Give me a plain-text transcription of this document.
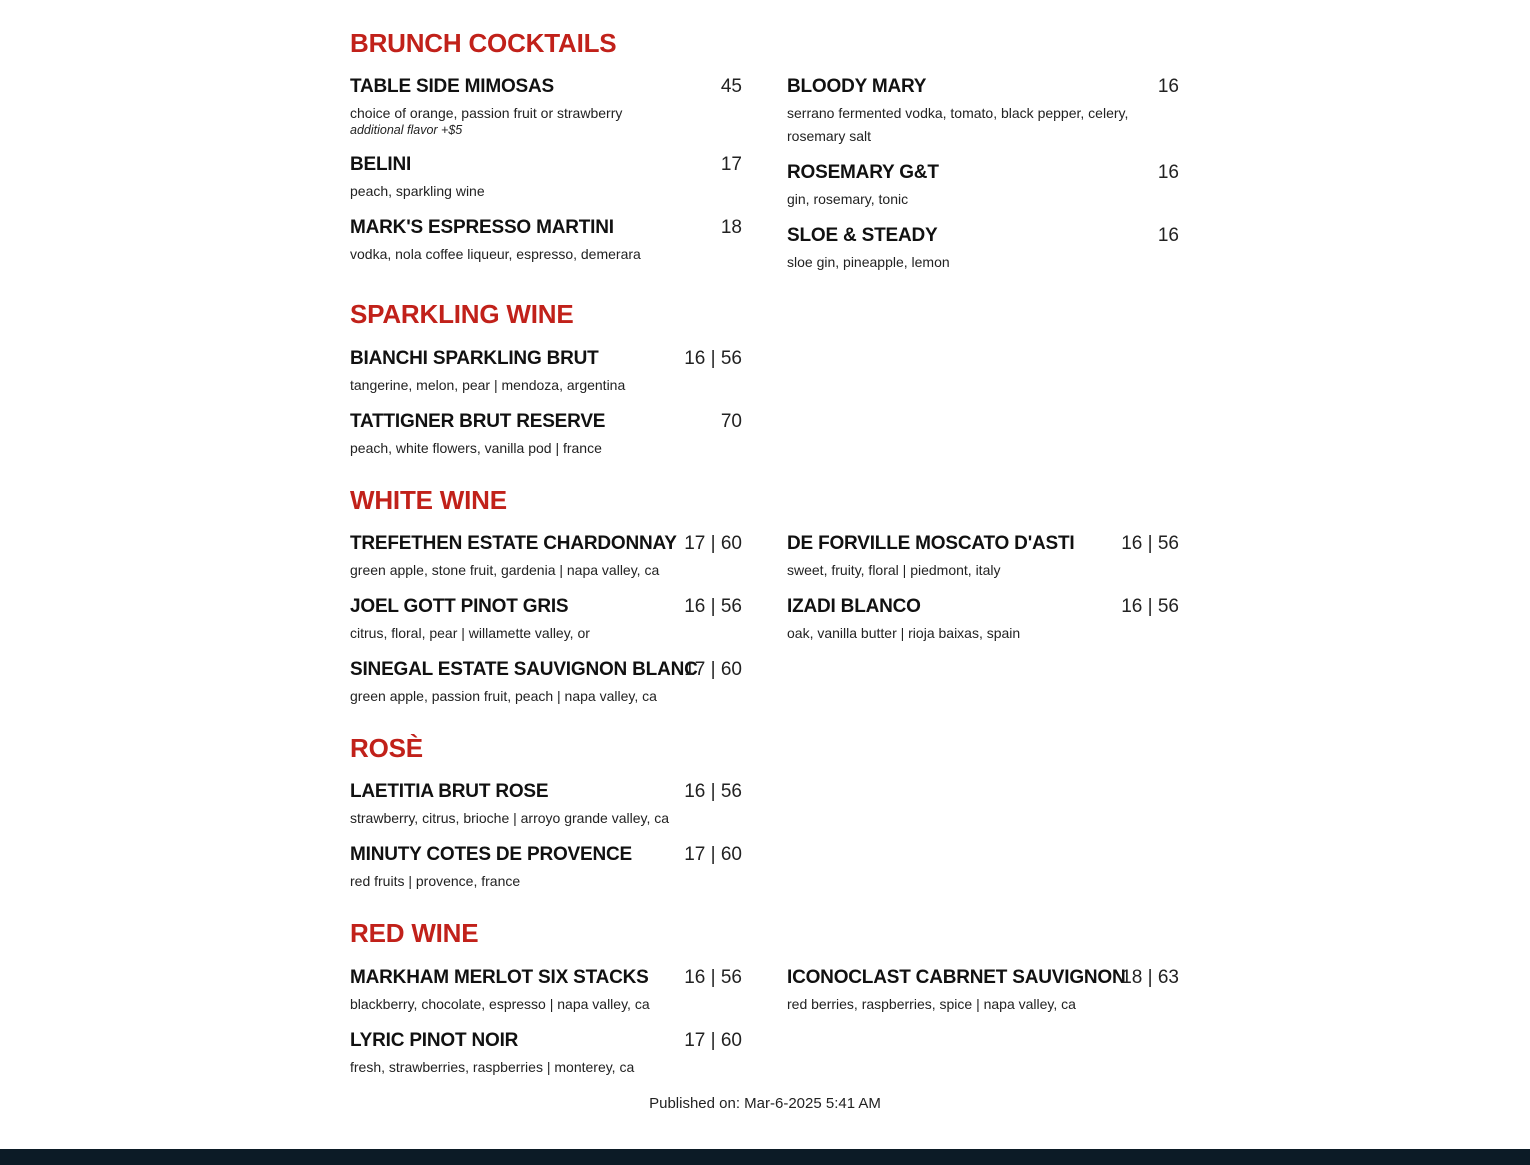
BRUNCH COCKTAILS
TABLE SIDE MIMOSAS	45
choice of orange, passion fruit or strawberry
additional flavor +$5
BELINI	17
peach, sparkling wine
MARK'S ESPRESSO MARTINI	18
vodka, nola coffee liqueur, espresso, demerara
BLOODY MARY	16
serrano fermented vodka, tomato, black pepper, celery, rosemary salt
ROSEMARY G&T	16
gin, rosemary, tonic
SLOE & STEADY	16
sloe gin, pineapple, lemon
SPARKLING WINE
BIANCHI SPARKLING BRUT	16 | 56
tangerine, melon, pear | mendoza, argentina
TATTIGNER BRUT RESERVE	70
peach, white flowers, vanilla pod | france
WHITE WINE
TREFETHEN ESTATE CHARDONNAY 17 | 60
green apple, stone fruit, gardenia | napa valley, ca
JOEL GOTT PINOT GRIS	16 | 56
citrus, floral, pear | willamette valley, or
SINEGAL ESTATE SAUVIGNON BLANC
17 | 60
green apple, passion fruit, peach | napa valley, ca
DE FORVILLE MOSCATO D'ASTI 16 | 56
sweet, fruity, floral | piedmont, italy
IZADI BLANCO	16 | 56
oak, vanilla butter | rioja baixas, spain
ROSÈ
LAETITIA BRUT ROSE	16 | 56
strawberry, citrus, brioche | arroyo grande valley, ca
MINUTY COTES DE PROVENCE	17 | 60
red fruits | provence, france
RED WINE
MARKHAM MERLOT SIX STACKS 16 | 56
blackberry, chocolate, espresso | napa valley, ca
LYRIC PINOT NOIR	17 | 60
fresh, strawberries, raspberries | monterey, ca
ICONOCLAST CABRNET SAUVIGNON
18 | 63
red berries, raspberries, spice | napa valley, ca
Published on: Mar-6-2025 5:41 AM
